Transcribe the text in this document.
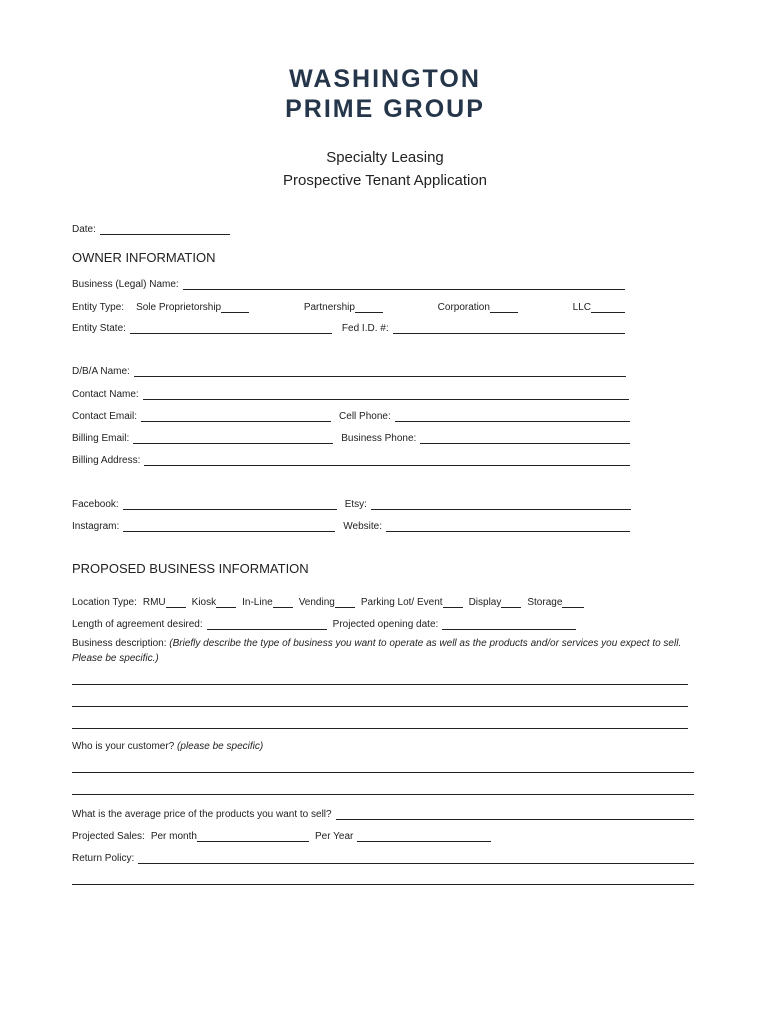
WASHINGTON
PRIME GROUP
Specialty Leasing
Prospective Tenant Application
Date:
OWNER INFORMATION
Business (Legal) Name:
Entity Type: Sole Proprietorship	Partnership	Corporation	LLC
Entity State:	Fed I.D. #:
D/B/A Name:
Contact Name:
Contact Email:	Cell Phone:
Billing Email:	Business Phone:
Billing Address:
Facebook:	Etsy:
Instagram:	Website:
PROPOSED BUSINESS INFORMATION
Location Type: RMU	Kiosk	In-Line	Vending	Parking Lot/ Event	Display	Storage
Length of agreement desired:	Projected opening date:
Business description: (Briefly describe the type of business you want to operate as well as the products and/or services you expect to sell. Please be specific.)
Who is your customer? (please be specific)
What is the average price of the products you want to sell?
Projected Sales: Per month	Per Year
Return Policy:
